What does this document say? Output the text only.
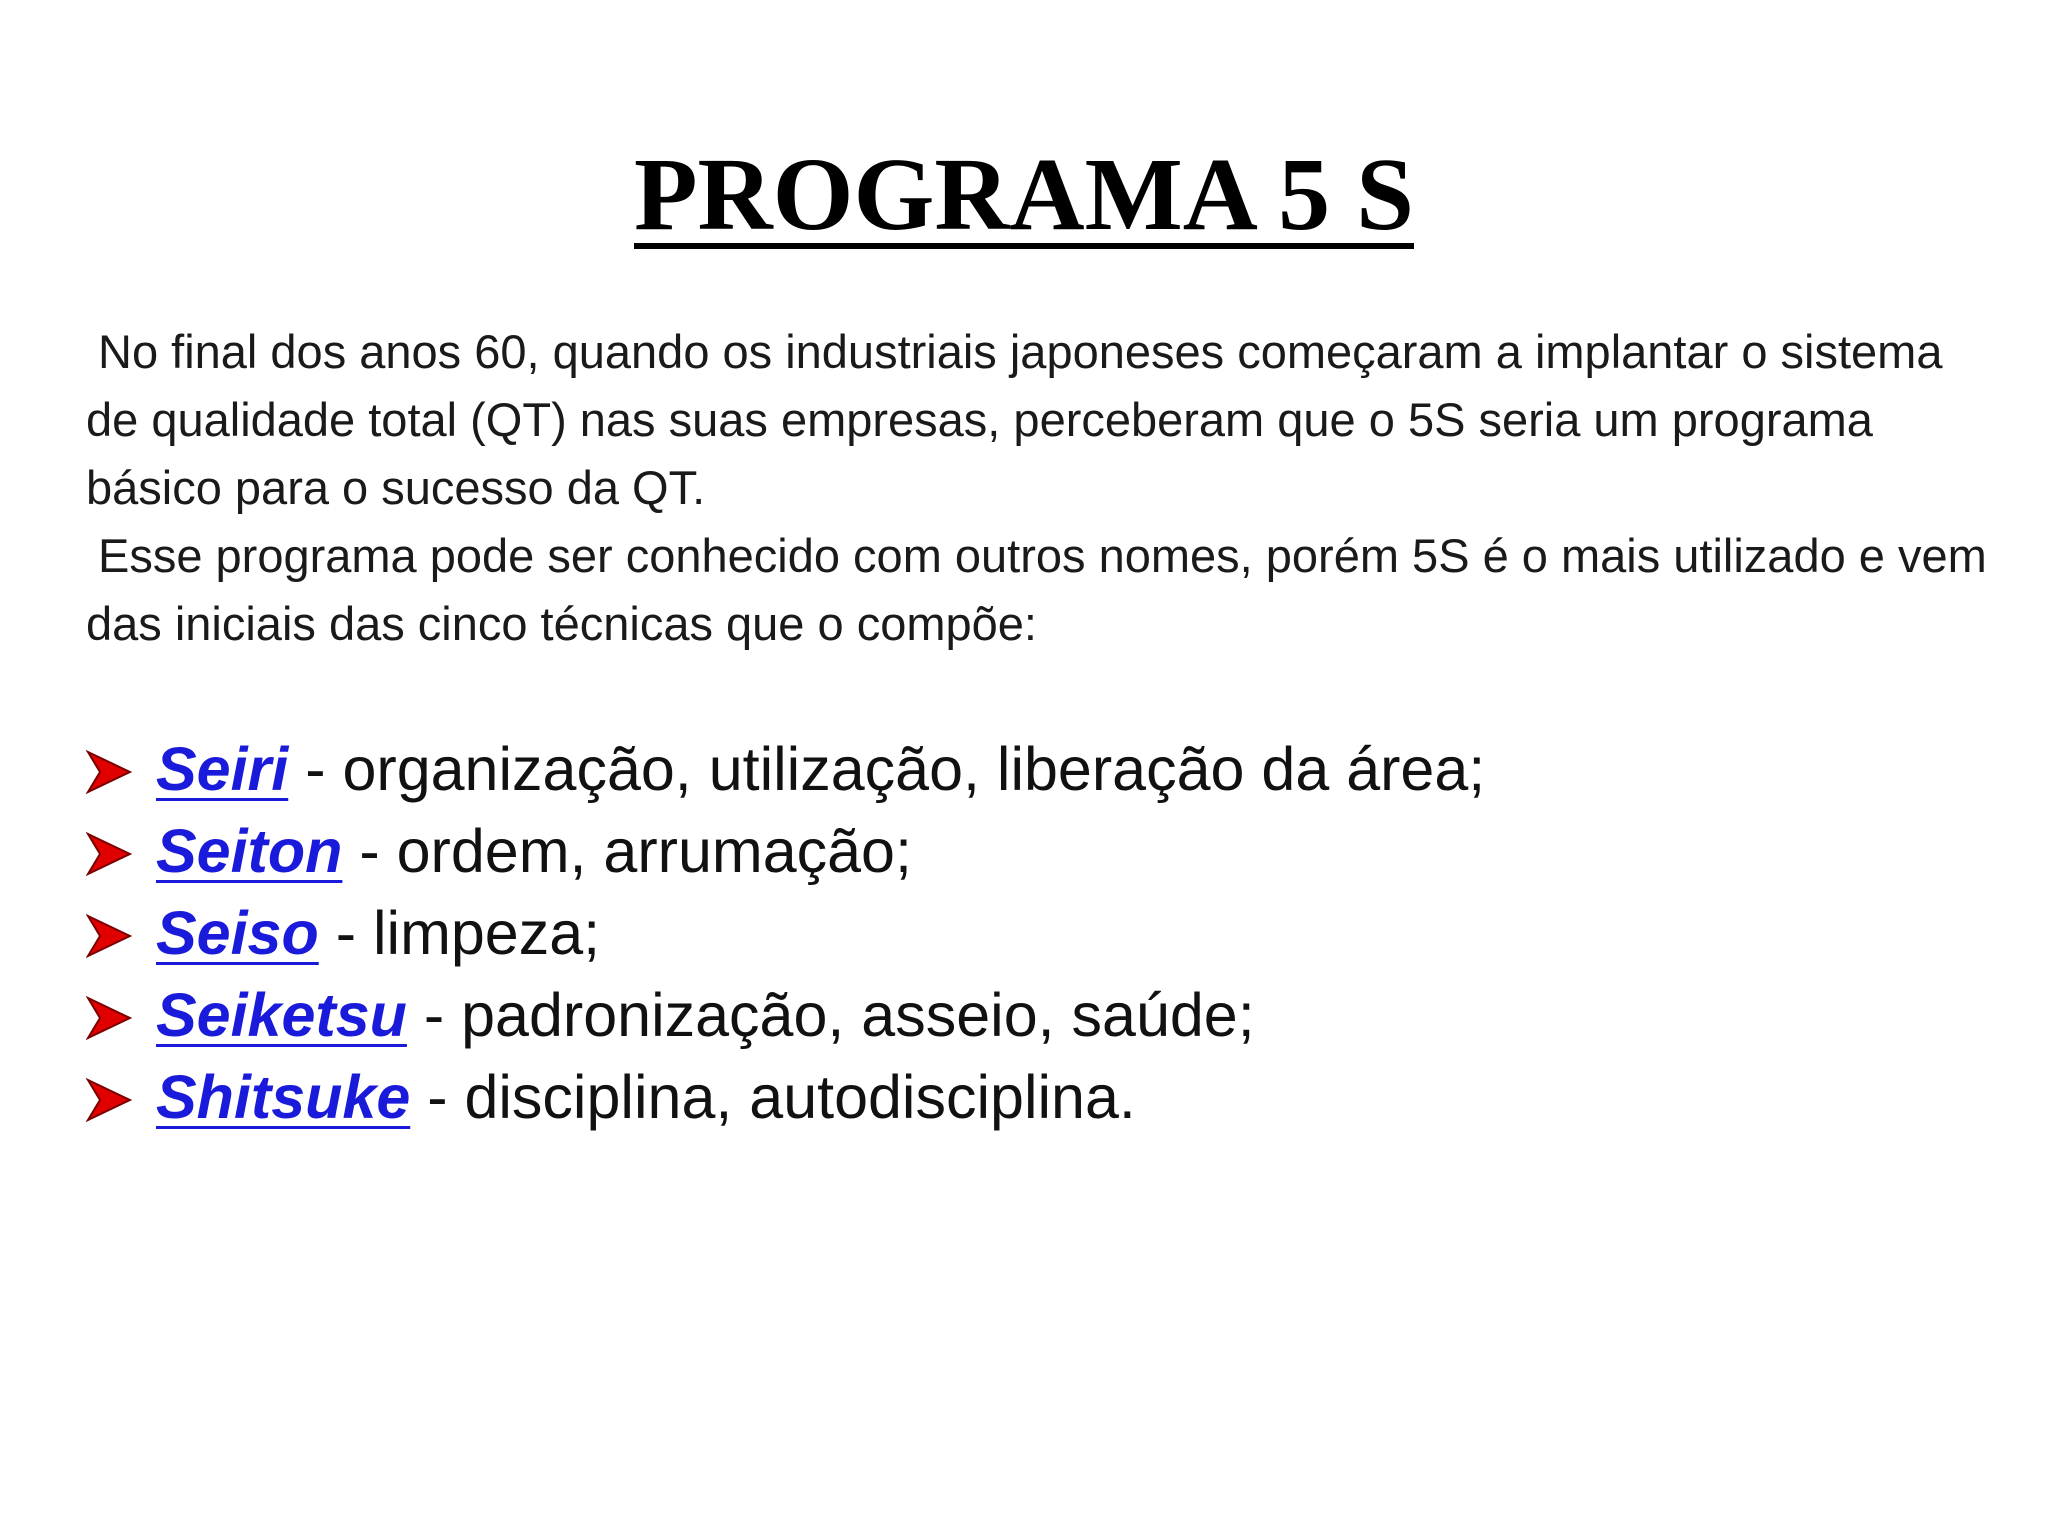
PROGRAMA 5 S

No final dos anos 60, quando os industriais japoneses começaram a implantar o sistema de qualidade total (QT) nas suas empresas, perceberam que o 5S seria um programa básico para o sucesso da QT.

Esse programa pode ser conhecido com outros nomes, porém 5S é o mais utilizado e vem das iniciais das cinco técnicas que o compõe:

Seiri - organização, utilização, liberação da área;
Seiton - ordem, arrumação;
Seiso - limpeza;
Seiketsu - padronização, asseio, saúde;
Shitsuke - disciplina, autodisciplina.
